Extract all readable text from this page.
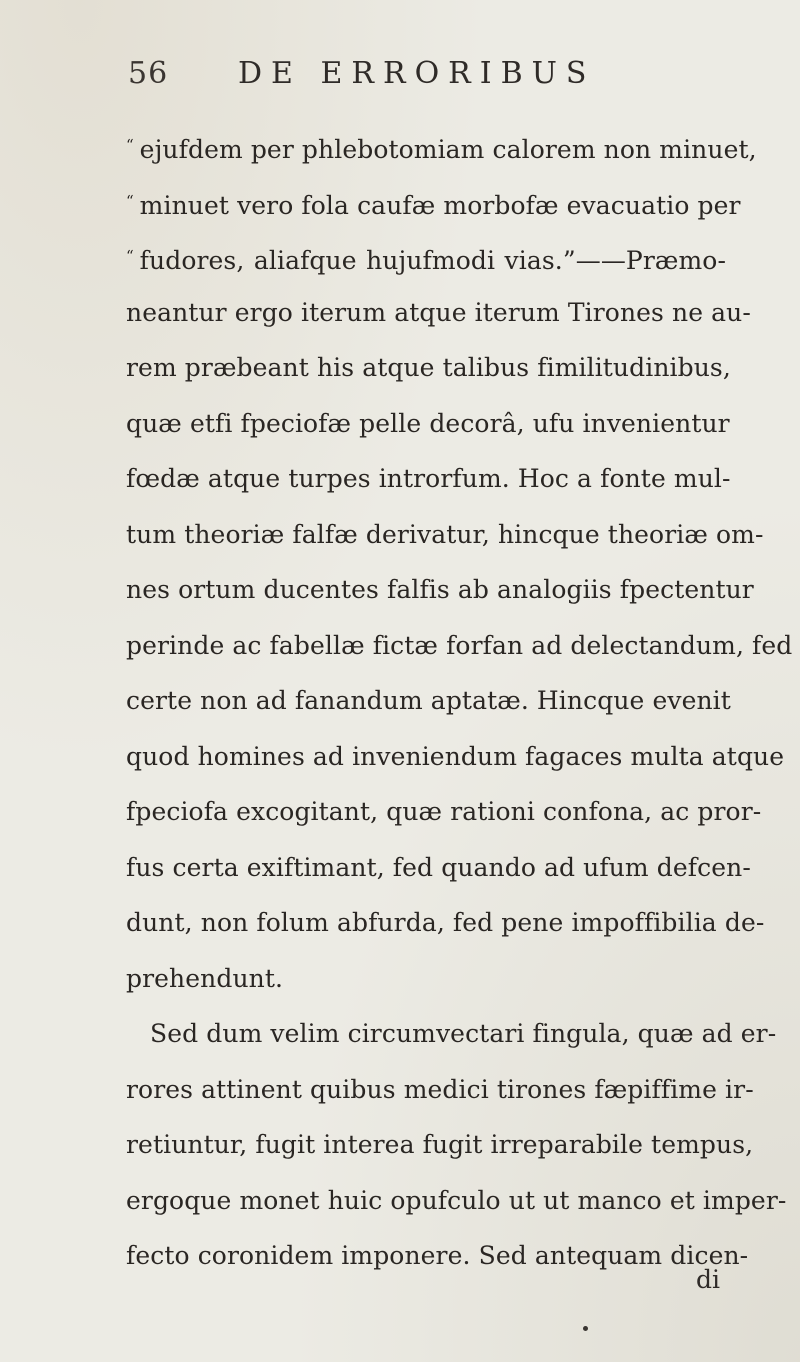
56 DE ERRORIBUS
“ ejufdem per phlebotomiam calorem non minuet,
“ minuet vero fola caufæ morbofæ evacuatio per
“ fudores, aliafque hujufmodi vias.”——Præmo-
neantur ergo iterum atque iterum Tirones ne au-
rem præbeant his atque talibus fimilitudinibus,
quæ etfi fpeciofæ pelle decorâ, ufu invenientur
fœdæ atque turpes introrfum. Hoc a fonte mul-
tum theoriæ falfæ derivatur, hincque theoriæ om-
nes ortum ducentes falfis ab analogiis fpectentur
perinde ac fabellæ fictæ forfan ad delectandum, fed
certe non ad fanandum aptatæ. Hincque evenit
quod homines ad inveniendum fagaces multa atque
fpeciofa excogitant, quæ rationi confona, ac pror-
fus certa exiftimant, fed quando ad ufum defcen-
dunt, non folum abfurda, fed pene impoffibilia de-
prehendunt.
Sed dum velim circumvectari fingula, quæ ad er-
rores attinent quibus medici tirones fæpiffime ir-
retiuntur, fugit interea fugit irreparabile tempus,
ergoque monet huic opufculo ut ut manco et imper-
fecto coronidem imponere. Sed antequam dicen-
di
